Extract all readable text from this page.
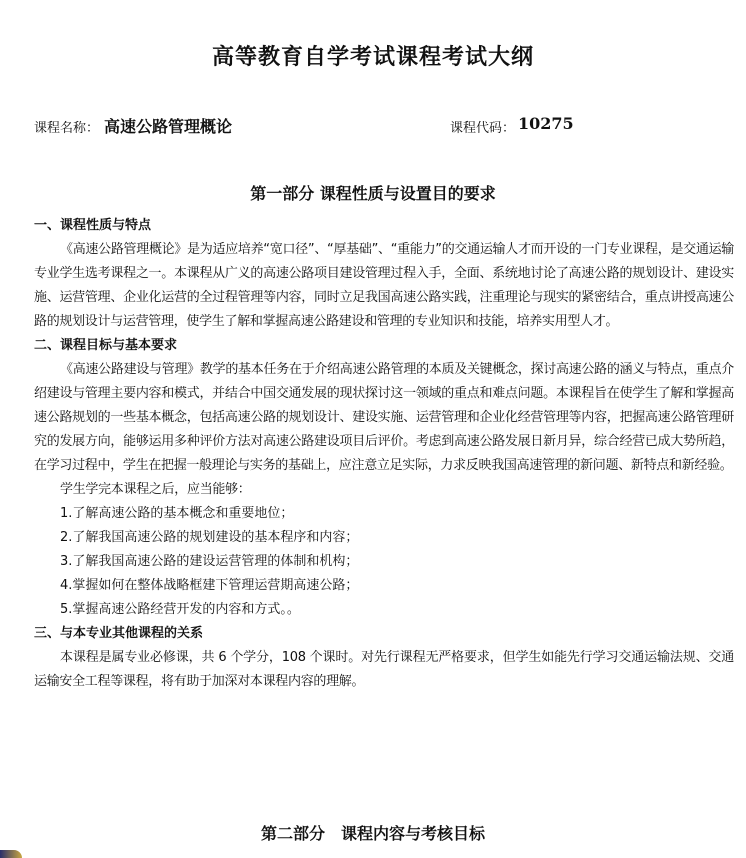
高等教育自学考试课程考试大纲
课程名称： 高速公路管理概论	课程代码： 10275
第一部分 课程性质与设置目的要求

一、课程性质与特点

《高速公路管理概论》是为适应培养“宽口径”、“厚基础”、“重能力”的交通运输人才而开设的一门专业课程，是交通运输专业学生选考课程之一。本课程从广义的高速公路项目建设管理过程入手，全面、系统地讨论了高速公路的规划设计、建设实施、运营管理、企业化运营的全过程管理等内容，同时立足我国高速公路实践，注重理论与现实的紧密结合，重点讲授高速公路的规划设计与运营管理，使学生了解和掌握高速公路建设和管理的专业知识和技能，培养实用型人才。

二、课程目标与基本要求

《高速公路建设与管理》教学的基本任务在于介绍高速公路管理的本质及关键概念，探讨高速公路的涵义与特点，重点介绍建设与管理主要内容和模式，并结合中国交通发展的现状探讨这一领域的重点和难点问题。本课程旨在使学生了解和掌握高速公路规划的一些基本概念，包括高速公路的规划设计、建设实施、运营管理和企业化经营管理等内容，把握高速公路管理研究的发展方向，能够运用多种评价方法对高速公路建设项目后评价。考虑到高速公路发展日新月异，综合经营已成大势所趋，在学习过程中，学生在把握一般理论与实务的基础上，应注意立足实际，力求反映我国高速管理的新问题、新特点和新经验。

学生学完本课程之后，应当能够：

1.了解高速公路的基本概念和重要地位；
2.了解我国高速公路的规划建设的基本程序和内容；
3.了解我国高速公路的建设运营管理的体制和机构；
4.掌握如何在整体战略框建下管理运营期高速公路；
5.掌握高速公路经营开发的内容和方式。。

三、与本专业其他课程的关系

本课程是属专业必修课，共 6 个学分，108 个课时。对先行课程无严格要求，但学生如能先行学习交通运输法规、交通运输安全工程等课程，将有助于加深对本课程内容的理解。

第二部分　课程内容与考核目标
